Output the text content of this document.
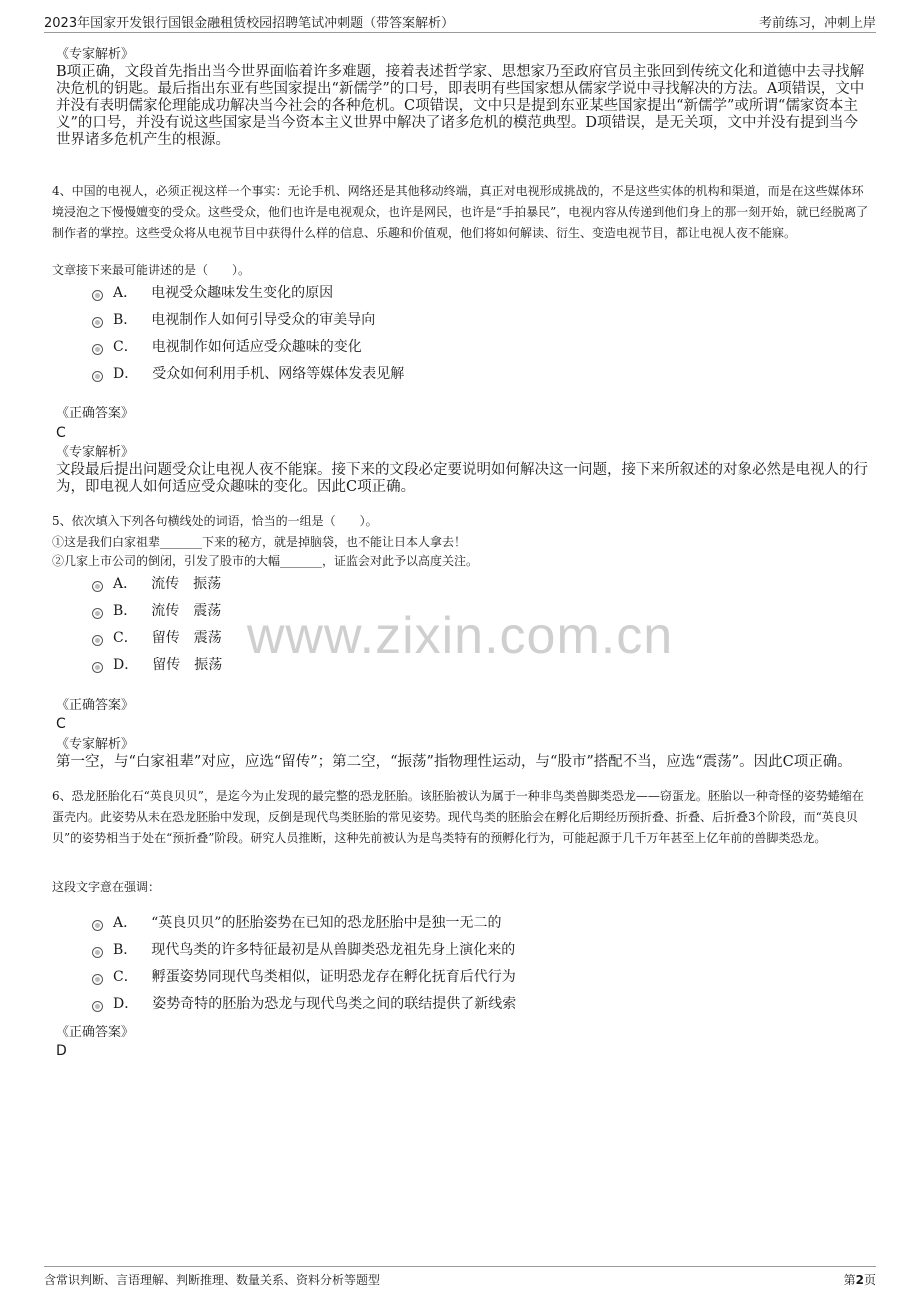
2023年国家开发银行国银金融租赁校园招聘笔试冲刺题（带答案解析）	考前练习，冲刺上岸
www.zixin.com.cn
《专家解析》
B项正确，文段首先指出当今世界面临着许多难题，接着表述哲学家、思想家乃至政府官员主张回到传统文化和道德中去寻找解决危机的钥匙。最后指出东亚有些国家提出“新儒学”的口号，即表明有些国家想从儒家学说中寻找解决的方法。A项错误，文中并没有表明儒家伦理能成功解决当今社会的各种危机。C项错误，文中只是提到东亚某些国家提出“新儒学”或所谓“儒家资本主义”的口号，并没有说这些国家是当今资本主义世界中解决了诸多危机的模范典型。D项错误，是无关项，文中并没有提到当今世界诸多危机产生的根源。
4、中国的电视人，必须正视这样一个事实：无论手机、网络还是其他移动终端，真正对电视形成挑战的，不是这些实体的机构和渠道，而是在这些媒体环境浸泡之下慢慢嬗变的受众。这些受众，他们也许是电视观众，也许是网民，也许是“手拍暴民”，电视内容从传递到他们身上的那一刻开始，就已经脱离了制作者的掌控。这些受众将从电视节目中获得什么样的信息、乐趣和价值观，他们将如何解读、衍生、变造电视节目，都让电视人夜不能寐。
文章接下来最可能讲述的是（　　）。
A． 电视受众趣味发生变化的原因
B． 电视制作人如何引导受众的审美导向
C． 电视制作如何适应受众趣味的变化
D． 受众如何利用手机、网络等媒体发表见解
《正确答案》
C
《专家解析》
文段最后提出问题受众让电视人夜不能寐。接下来的文段必定要说明如何解决这一问题，接下来所叙述的对象必然是电视人的行为，即电视人如何适应受众趣味的变化。因此C项正确。
5、依次填入下列各句横线处的词语，恰当的一组是（　　）。
①这是我们白家祖辈_______下来的秘方，就是掉脑袋，也不能让日本人拿去！
②几家上市公司的倒闭，引发了股市的大幅_______，证监会对此予以高度关注。
A． 流传　振荡
B． 流传　震荡
C． 留传　震荡
D． 留传　振荡
《正确答案》
C
《专家解析》
第一空，与“白家祖辈”对应，应选“留传”；第二空，“振荡”指物理性运动，与“股市”搭配不当，应选“震荡”。因此C项正确。
6、恐龙胚胎化石“英良贝贝”，是迄今为止发现的最完整的恐龙胚胎。该胚胎被认为属于一种非鸟类兽脚类恐龙——窃蛋龙。胚胎以一种奇怪的姿势蜷缩在蛋壳内。此姿势从未在恐龙胚胎中发现，反倒是现代鸟类胚胎的常见姿势。现代鸟类的胚胎会在孵化后期经历预折叠、折叠、后折叠3个阶段，而“英良贝贝”的姿势相当于处在“预折叠”阶段。研究人员推断，这种先前被认为是鸟类特有的预孵化行为，可能起源于几千万年甚至上亿年前的兽脚类恐龙。
这段文字意在强调：
A． “英良贝贝”的胚胎姿势在已知的恐龙胚胎中是独一无二的
B． 现代鸟类的许多特征最初是从兽脚类恐龙祖先身上演化来的
C． 孵蛋姿势同现代鸟类相似，证明恐龙存在孵化抚育后代行为
D． 姿势奇特的胚胎为恐龙与现代鸟类之间的联结提供了新线索
《正确答案》
D
含常识判断、言语理解、判断推理、数量关系、资料分析等题型	第2页
